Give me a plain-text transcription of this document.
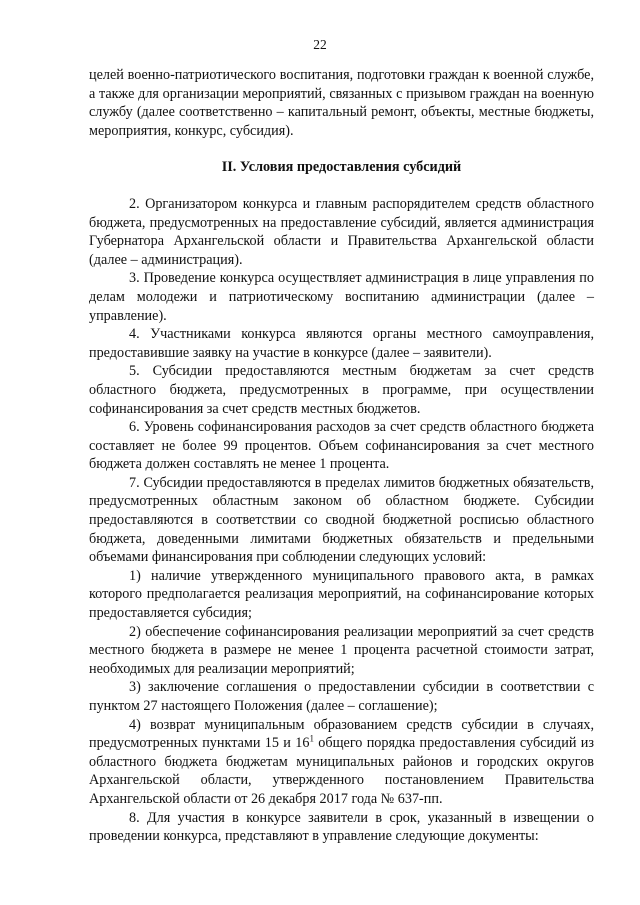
22

целей военно-патриотического воспитания, подготовки граждан к военной службе, а также для организации мероприятий, связанных с призывом граждан на военную службу (далее соответственно – капитальный ремонт, объекты, местные бюджеты, мероприятия, конкурс, субсидия).

II. Условия предоставления субсидий

2. Организатором конкурса и главным распорядителем средств областного бюджета, предусмотренных на предоставление субсидий, является администрация Губернатора Архангельской области и Правительства Архангельской области (далее – администрация).

3. Проведение конкурса осуществляет администрация в лице управления по делам молодежи и патриотическому воспитанию администрации (далее – управление).

4. Участниками конкурса являются органы местного самоуправления, предоставившие заявку на участие в конкурсе (далее – заявители).

5. Субсидии предоставляются местным бюджетам за счет средств областного бюджета, предусмотренных в программе, при осуществлении софинансирования за счет средств местных бюджетов.

6. Уровень софинансирования расходов за счет средств областного бюджета составляет не более 99 процентов. Объем софинансирования за счет местного бюджета должен составлять не менее 1 процента.

7. Субсидии предоставляются в пределах лимитов бюджетных обязательств, предусмотренных областным законом об областном бюджете. Субсидии предоставляются в соответствии со сводной бюджетной росписью областного бюджета, доведенными лимитами бюджетных обязательств и предельными объемами финансирования при соблюдении следующих условий:

1) наличие утвержденного муниципального правового акта, в рамках которого предполагается реализация мероприятий, на софинансирование которых предоставляется субсидия;

2) обеспечение софинансирования реализации мероприятий за счет средств местного бюджета в размере не менее 1 процента расчетной стоимости затрат, необходимых для реализации мероприятий;

3) заключение соглашения о предоставлении субсидии в соответствии с пунктом 27 настоящего Положения (далее – соглашение);

4) возврат муниципальным образованием средств субсидии в случаях, предусмотренных пунктами 15 и $16^1$ общего порядка предоставления субсидий из областного бюджета бюджетам муниципальных районов и городских округов Архангельской области, утвержденного постановлением Правительства Архангельской области от 26 декабря 2017 года № 637-пп.

8. Для участия в конкурсе заявители в срок, указанный в извещении о проведении конкурса, представляют в управление следующие документы:
